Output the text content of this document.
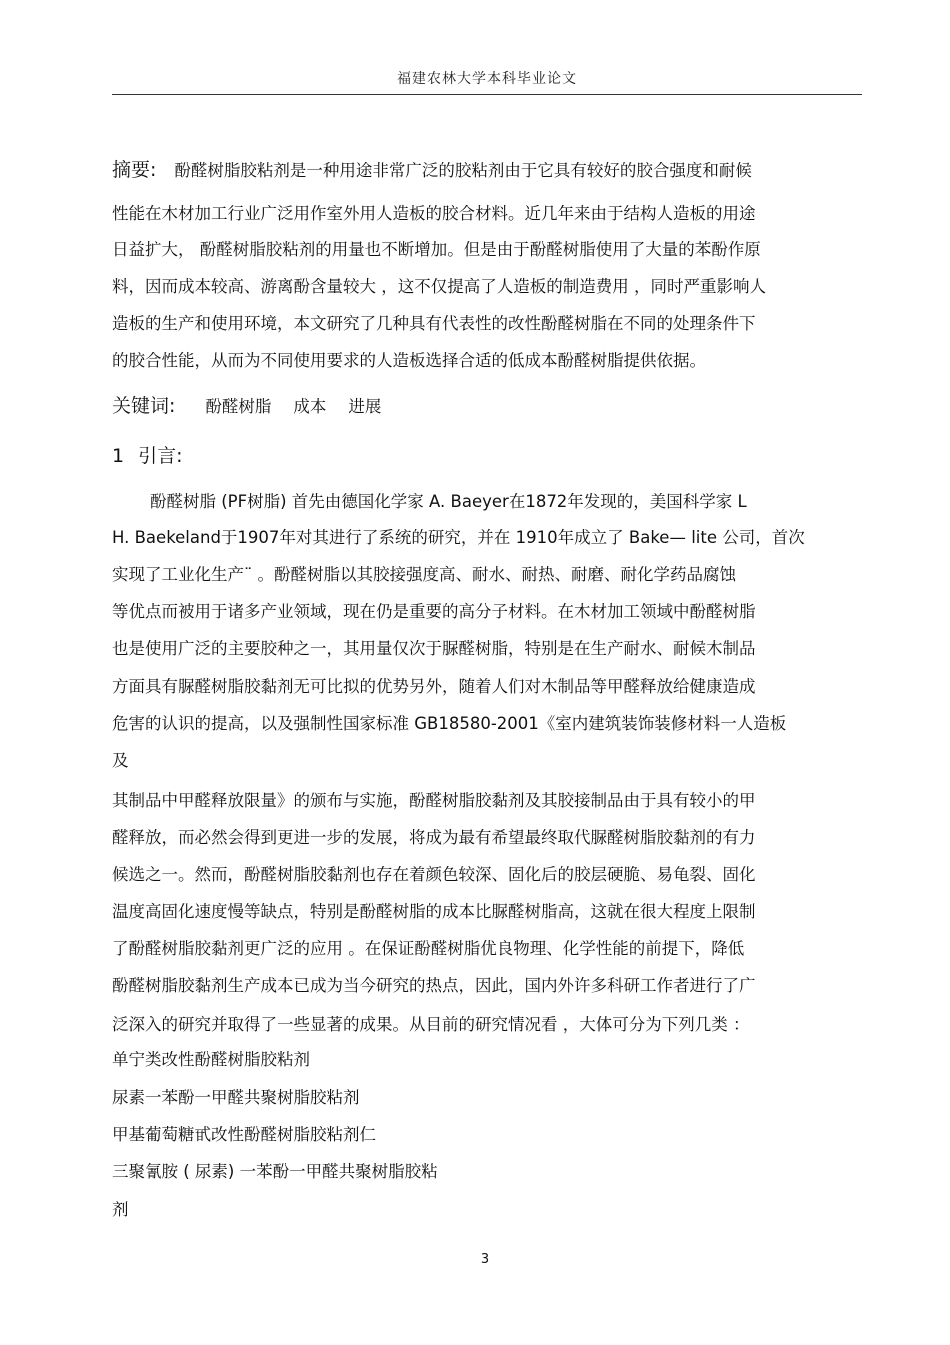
福建农林大学本科毕业论文
摘要: 酚醛树脂胶粘剂是一种用途非常广泛的胶粘剂由于它具有较好的胶合强度和耐候
性能在木材加工行业广泛用作室外用人造板的胶合材料。近几年来由于结构人造板的用途
日益扩大， 酚醛树脂胶粘剂的用量也不断增加。但是由于酚醛树脂使用了大量的苯酚作原
料，因而成本较高、游离酚含量较大 ，这不仅提高了人造板的制造费用 ，同时严重影响人
造板的生产和使用环境，本文研究了几种具有代表性的改性酚醛树脂在不同的处理条件下
的胶合性能，从而为不同使用要求的人造板选择合适的低成本酚醛树脂提供依据。
关键词: 酚醛树脂 成本 进展
1 引言:
酚醛树脂 (PF树脂) 首先由德国化学家 A. Baeyer在1872年发现的，美国科学家 L
H. Baekeland于1907年对其进行了系统的研究，并在 1910年成立了 Bake— lite 公司，首次
实现了工业化生产¨ 。酚醛树脂以其胶接强度高、耐水、耐热、耐磨、耐化学药品腐蚀
等优点而被用于诸多产业领域，现在仍是重要的高分子材料。在木材加工领域中酚醛树脂
也是使用广泛的主要胶种之一，其用量仅次于脲醛树脂，特别是在生产耐水、耐候木制品
方面具有脲醛树脂胶黏剂无可比拟的优势另外，随着人们对木制品等甲醛释放给健康造成
危害的认识的提高，以及强制性国家标准 GB18580-2001《室内建筑装饰装修材料一人造板
及
其制品中甲醛释放限量》的颁布与实施，酚醛树脂胶黏剂及其胶接制品由于具有较小的甲
醛释放，而必然会得到更进一步的发展，将成为最有希望最终取代脲醛树脂胶黏剂的有力
候选之一。然而，酚醛树脂胶黏剂也存在着颜色较深、固化后的胶层硬脆、易龟裂、固化
温度高固化速度慢等缺点，特别是酚醛树脂的成本比脲醛树脂高，这就在很大程度上限制
了酚醛树脂胶黏剂更广泛的应用 。在保证酚醛树脂优良物理、化学性能的前提下，降低
酚醛树脂胶黏剂生产成本已成为当今研究的热点，因此，国内外许多科研工作者进行了广
泛深入的研究并取得了一些显著的成果。从目前的研究情况看 ，大体可分为下列几类 ：
单宁类改性酚醛树脂胶粘剂
尿素一苯酚一甲醛共聚树脂胶粘剂
甲基葡萄糖甙改性酚醛树脂胶粘剂仁
三聚氰胺 ( 尿素) 一苯酚一甲醛共聚树脂胶粘
剂
3
